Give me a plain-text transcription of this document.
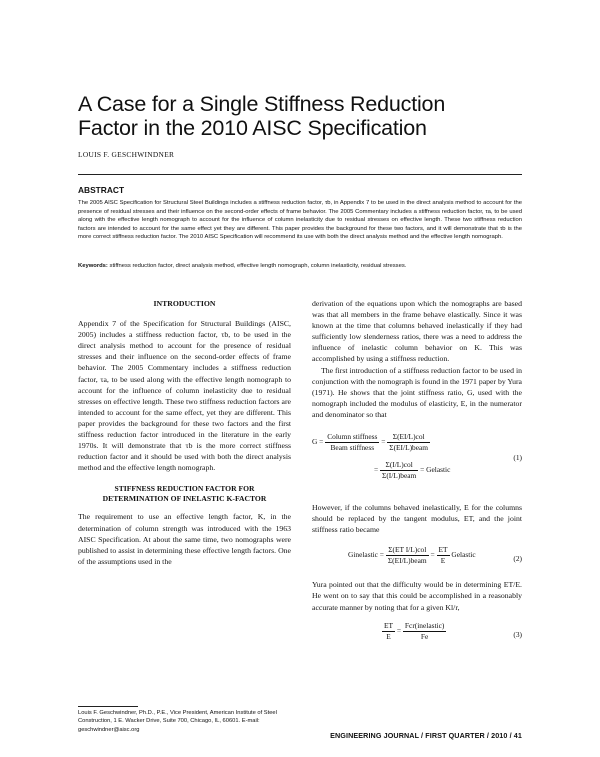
A Case for a Single Stiffness Reduction
Factor in the 2010 AISC Specification
LOUIS F. GESCHWINDNER
ABSTRACT
The 2005 AISC Specification for Structural Steel Buildings includes a stiffness reduction factor, τb, in Appendix 7 to be used in the direct analysis method to account for the presence of residual stresses and their influence on the second-order effects of frame behavior. The 2005 Commentary includes a stiffness reduction factor, τa, to be used along with the effective length nomograph to account for the influence of column inelasticity due to residual stresses on effective length. These two stiffness reduction factors are intended to account for the same effect yet they are different. This paper provides the background for these two factors, and it will demonstrate that τb is the more correct stiffness reduction factor. The 2010 AISC Specification will recommend its use with both the direct analysis method and the effective length nomograph.
Keywords: stiffness reduction factor, direct analysis method, effective length nomograph, column inelasticity, residual stresses.
INTRODUCTION

Appendix 7 of the Specification for Structural Buildings (AISC, 2005) includes a stiffness reduction factor, τb, to be used in the direct analysis method to account for the presence of residual stresses and their influence on the second-order effects of frame behavior. The 2005 Commentary includes a stiffness reduction factor, τa, to be used along with the effective length nomograph to account for the influence of column inelasticity due to residual stresses on effective length. These two stiffness reduction factors are intended to account for the same effect, yet they are different. This paper provides the background for these two factors and the first stiffness reduction factor introduced in the literature in the early 1970s. It will demonstrate that τb is the more correct stiffness reduction factor and it should be used with both the direct analysis method and the effective length nomograph.

STIFFNESS REDUCTION FACTOR FOR
DETERMINATION OF INELASTIC K-FACTOR

The requirement to use an effective length factor, K, in the determination of column strength was introduced with the 1963 AISC Specification. At about the same time, two nomographs were published to assist in determining these effective length factors. One of the assumptions used in the

derivation of the equations upon which the nomographs are based was that all members in the frame behave elastically. Since it was known at the time that columns behaved inelastically if they had sufficiently low slenderness ratios, there was a need to address the influence of inelastic column behavior on K. This was accomplished by using a stiffness reduction.

The first introduction of a stiffness reduction factor to be used in conjunction with the nomograph is found in the 1971 paper by Yura (1971). He shows that the joint stiffness ratio, G, used with the nomograph included the modulus of elasticity, E, in the numerator and denominator so that

$G = \frac{\text{Column stiffness}}{\text{Beam stiffness}} = \frac{\text{Σ(EI/L)col}}{\text{Σ(EI/L)beam}}$
= $\frac{\text{Σ(I/L)col}}{\text{Σ(I/L)beam}}$ = Gelastic
(1)

However, if the columns behaved inelastically, E for the columns should be replaced by the tangent modulus, ET, and the joint stiffness ratio became

Ginelastic = $\frac{\text{Σ(ET I/L)col}}{\text{Σ(EI/L)beam}} = \frac{ET}{E}$ Gelastic	(2)

Yura pointed out that the difficulty would be in determining ET/E. He went on to say that this could be accomplished in a reasonably accurate manner by noting that for a given Kl/r,

$\frac{ET}{E} = \frac{\text{Fcr(inelastic)}}{Fe}$	(3)
Louis F. Geschwindner, Ph.D., P.E., Vice President, American Institute of Steel Construction, 1 E. Wacker Drive, Suite 700, Chicago, IL, 60601. E-mail: geschwindner@aisc.org
ENGINEERING JOURNAL / FIRST QUARTER / 2010 / 41
